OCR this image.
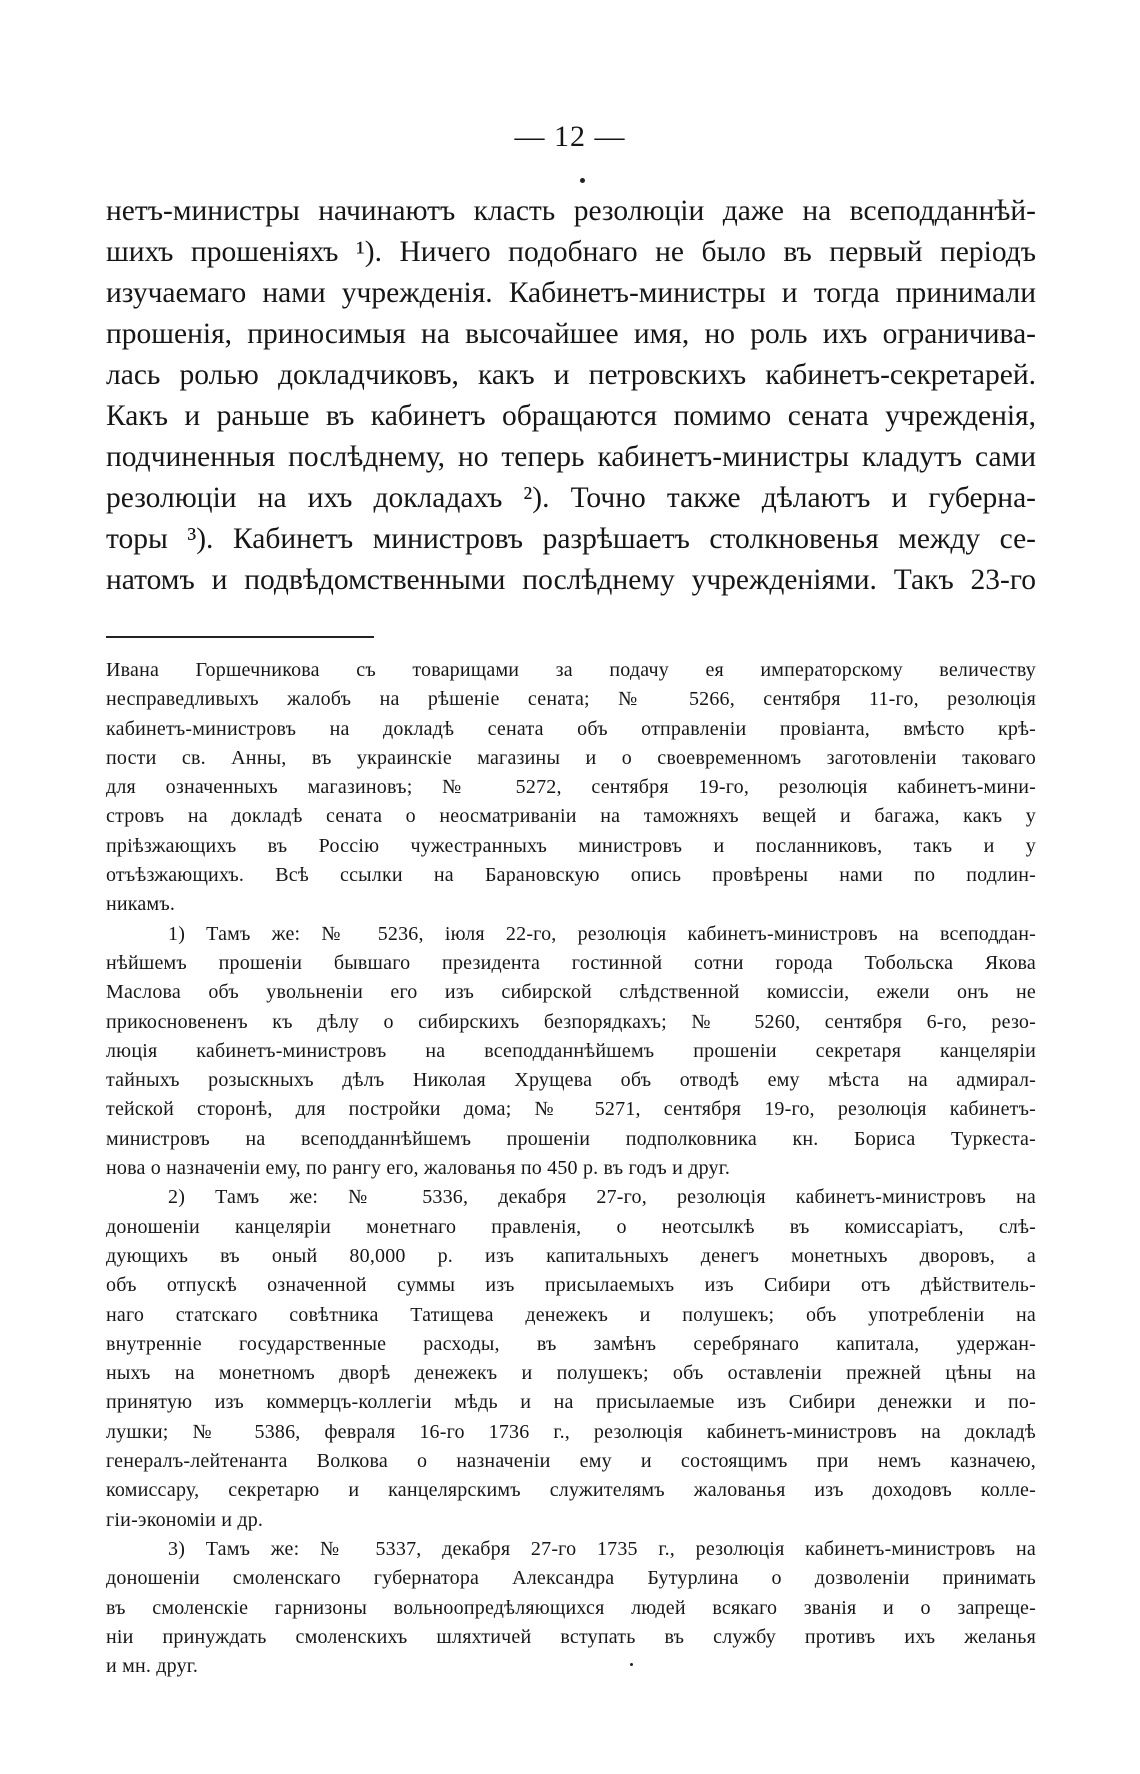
— 12 —
нетъ-министры начинаютъ класть резолюціи даже на всеподданнѣй-
шихъ прошеніяхъ ¹). Ничего подобнаго не было въ первый періодъ
изучаемаго нами учрежденія. Кабинетъ-министры и тогда принимали
прошенія, приносимыя на высочайшее имя, но роль ихъ ограничива-
лась ролью докладчиковъ, какъ и петровскихъ кабинетъ-секретарей.
Какъ и раньше въ кабинетъ обращаются помимо сената учрежденія,
подчиненныя послѣднему, но теперь кабинетъ-министры кладутъ сами
резолюціи на ихъ докладахъ ²). Точно также дѣлаютъ и губерна-
торы ³). Кабинетъ министровъ разрѣшаетъ столкновенья между се-
натомъ и подвѣдомственными послѣднему учрежденіями. Такъ 23-го
Ивана Горшечникова съ товарищами за подачу ея императорскому величеству
несправедливыхъ жалобъ на рѣшеніе сената; № 5266, сентября 11-го, резолюція
кабинетъ-министровъ на докладѣ сената объ отправленіи провіанта, вмѣсто крѣ-
пости св. Анны, въ украинскіе магазины и о своевременномъ заготовленіи таковаго
для означенныхъ магазиновъ; № 5272, сентября 19-го, резолюція кабинетъ-мини-
стровъ на докладѣ сената о неосматриваніи на таможняхъ вещей и багажа, какъ у
пріѣзжающихъ въ Россію чужестранныхъ министровъ и посланниковъ, такъ и у
отъѣзжающихъ. Всѣ ссылки на Барановскую опись провѣрены нами по подлин-
никамъ.
1) Тамъ же: № 5236, іюля 22-го, резолюція кабинетъ-министровъ на всеподдан-
нѣйшемъ прошеніи бывшаго президента гостинной сотни города Тобольска Якова
Маслова объ увольненіи его изъ сибирской слѣдственной комиссіи, ежели онъ не
прикосновененъ къ дѣлу о сибирскихъ безпорядкахъ; № 5260, сентября 6-го, резо-
люція кабинетъ-министровъ на всеподданнѣйшемъ прошеніи секретаря канцеляріи
тайныхъ розыскныхъ дѣлъ Николая Хрущева объ отводѣ ему мѣста на адмирал-
тейской сторонѣ, для постройки дома; № 5271, сентября 19-го, резолюція кабинетъ-
министровъ на всеподданнѣйшемъ прошеніи подполковника кн. Бориса Туркеста-
нова о назначеніи ему, по рангу его, жалованья по 450 р. въ годъ и друг.
2) Тамъ же: № 5336, декабря 27-го, резолюція кабинетъ-министровъ на
доношеніи канцеляріи монетнаго правленія, о неотсылкѣ въ комиссаріатъ, слѣ-
дующихъ въ оный 80,000 р. изъ капитальныхъ денегъ монетныхъ дворовъ, а
объ отпускѣ означенной суммы изъ присылаемыхъ изъ Сибири отъ дѣйствитель-
наго статскаго совѣтника Татищева денежекъ и полушекъ; объ употребленіи на
внутренніе государственные расходы, въ замѣнъ серебрянаго капитала, удержан-
ныхъ на монетномъ дворѣ денежекъ и полушекъ; объ оставленіи прежней цѣны на
принятую изъ коммерцъ-коллегіи мѣдь и на присылаемые изъ Сибири денежки и по-
лушки; № 5386, февраля 16-го 1736 г., резолюція кабинетъ-министровъ на докладѣ
генералъ-лейтенанта Волкова о назначеніи ему и состоящимъ при немъ казначею,
комиссару, секретарю и канцелярскимъ служителямъ жалованья изъ доходовъ колле-
гіи-экономіи и др.
3) Тамъ же: № 5337, декабря 27-го 1735 г., резолюція кабинетъ-министровъ на
доношеніи смоленскаго губернатора Александра Бутурлина о дозволеніи принимать
въ смоленскіе гарнизоны вольноопредѣляющихся людей всякаго званія и о запреще-
ніи принуждать смоленскихъ шляхтичей вступать въ службу противъ ихъ желанья
и мн. друг.
